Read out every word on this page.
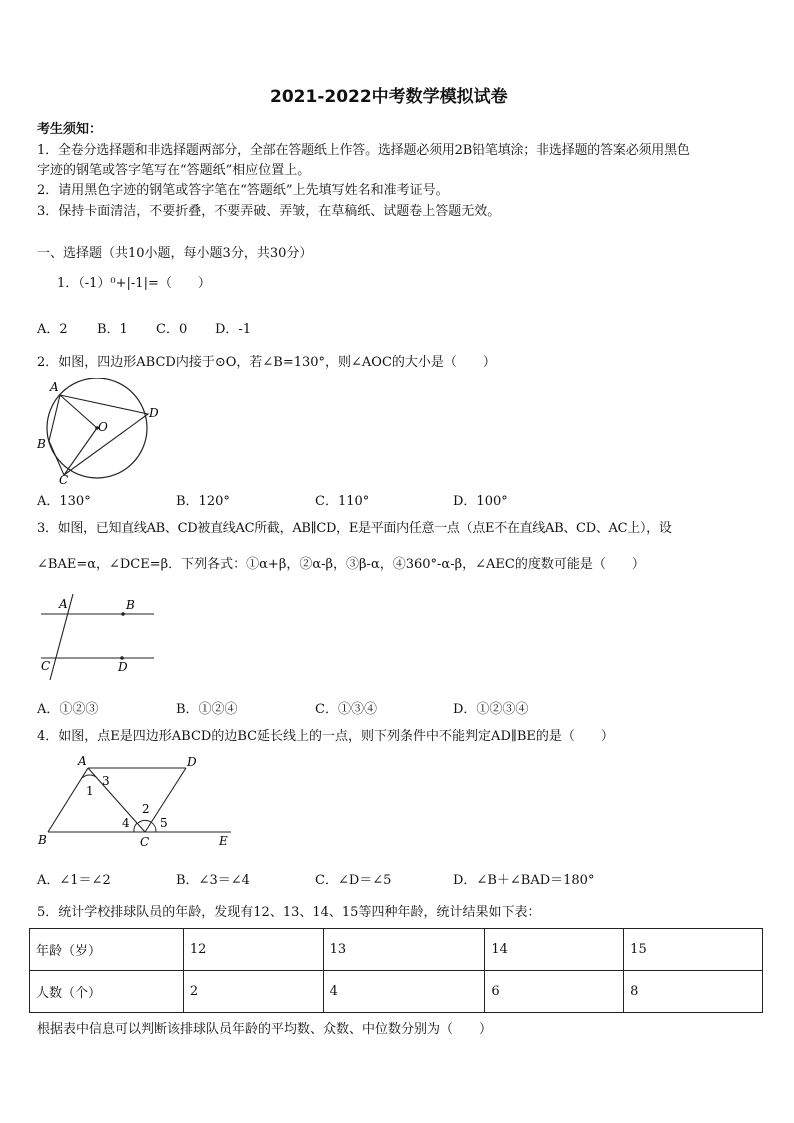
2021-2022中考数学模拟试卷
考生须知：
1．全卷分选择题和非选择题两部分，全部在答题纸上作答。选择题必须用2B铅笔填涂；非选择题的答案必须用黑色
字迹的钢笔或答字笔写在“答题纸”相应位置上。
2．请用黑色字迹的钢笔或答字笔在“答题纸”上先填写姓名和准考证号。
3．保持卡面清洁，不要折叠，不要弄破、弄皱，在草稿纸、试题卷上答题无效。
一、选择题（共10小题，每小题3分，共30分）
1．（-1）⁰+|-1|=（　　）
A．2 B．1 C．0 D．-1
2．如图，四边形ABCD内接于⊙O，若∠B=130°，则∠AOC的大小是（　　）
A
B
C
D
O
A．130°	B．120°	C．110°	D．100°
3．如图，已知直线AB、CD被直线AC所截，AB∥CD，E是平面内任意一点（点E不在直线AB、CD、AC上），设
∠BAE=α，∠DCE=β．下列各式：①α+β，②α-β，③β-α，④360°-α-β，∠AEC的度数可能是（　　）
A	B
C	D
A．①②③	B．①②④	C．①③④	D．①②③④
4．如图，点E是四边形ABCD的边BC延长线上的一点，则下列条件中不能判定AD∥BE的是（　　）
A	D
B	C	E
1
2
3
4	5
A．∠1＝∠2	B．∠3＝∠4	C．∠D＝∠5	D．∠B＋∠BAD＝180°
5．统计学校排球队员的年龄，发现有12、13、14、15等四种年龄，统计结果如下表：
年龄（岁）	12	13	14	15
人数（个）	2	4	6	8
根据表中信息可以判断该排球队员年龄的平均数、众数、中位数分别为（　　）
